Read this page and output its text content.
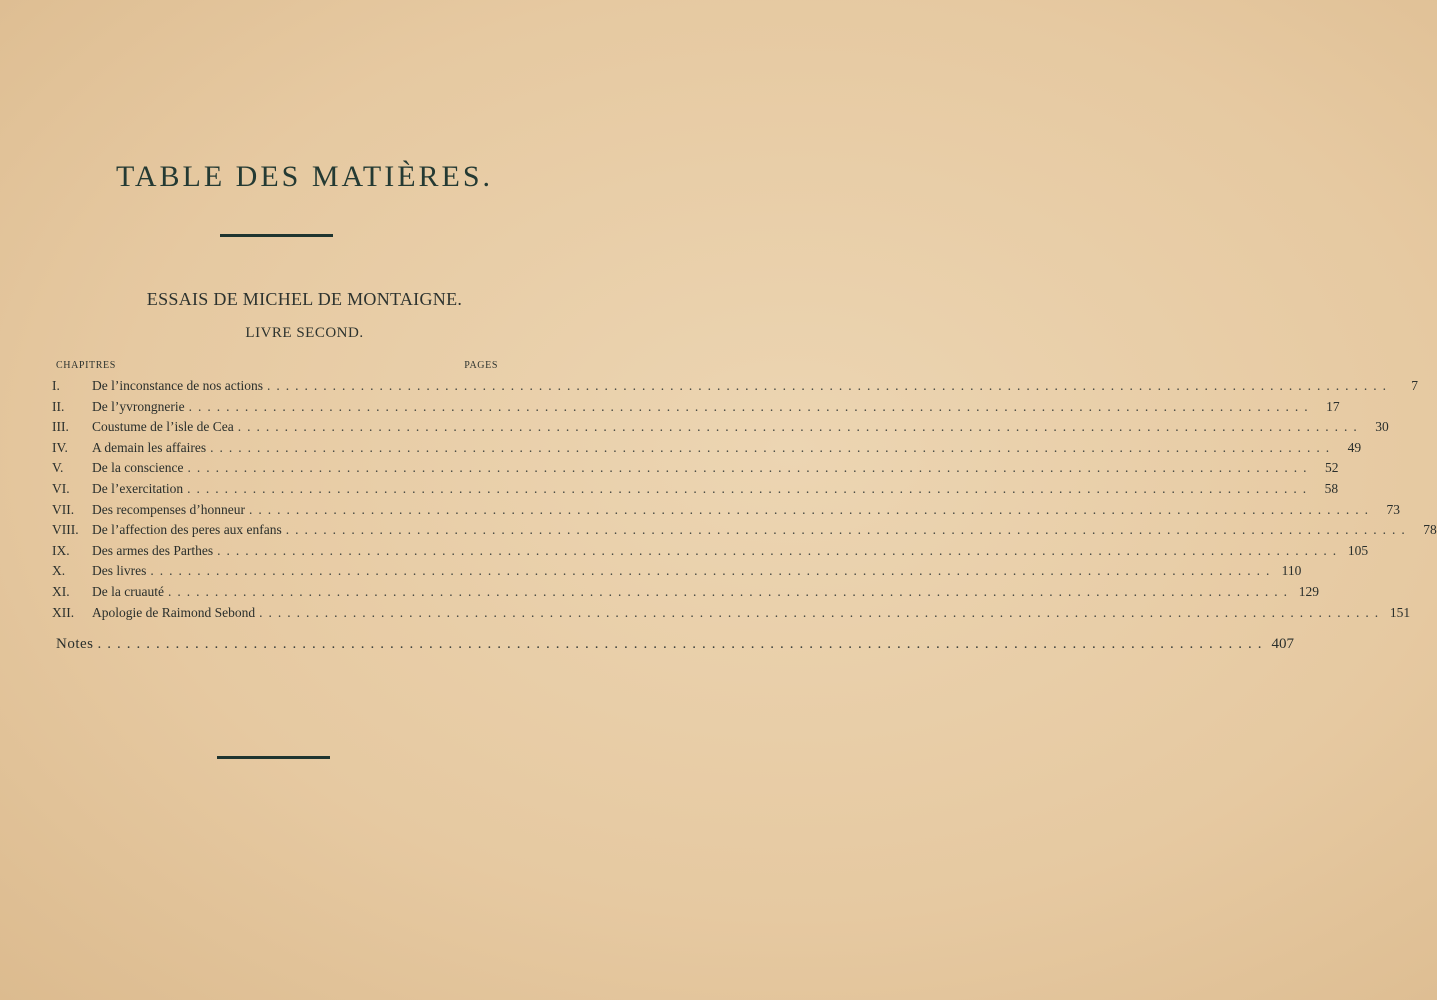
TABLE DES MATIÈRES.
ESSAIS DE MICHEL DE MONTAIGNE.
LIVRE SECOND.
CHAPITRES	PAGES
I.	De l’inconstance de nos actions ........................................................................................................................	7
II.	De l’yvrongnerie ........................................................................................................................ 17
III.	Coustume de l’isle de Cea ........................................................................................................................ 30
IV.	A demain les affaires ........................................................................................................................ 49
V.	De la conscience ........................................................................................................................ 52
VI.	De l’exercitation ........................................................................................................................ 58
VII.	Des recompenses d’honneur ........................................................................................................................ 73
VIII. De l’affection des peres aux enfans ........................................................................................................................ 78
IX.	Des armes des Parthes ........................................................................................................................ 105
X.	Des livres ........................................................................................................................ 110
XI.	De la cruauté ........................................................................................................................ 129
XII.	Apologie de Raimond Sebond ........................................................................................................................ 151
Notes ........................................................................................................................ 407
